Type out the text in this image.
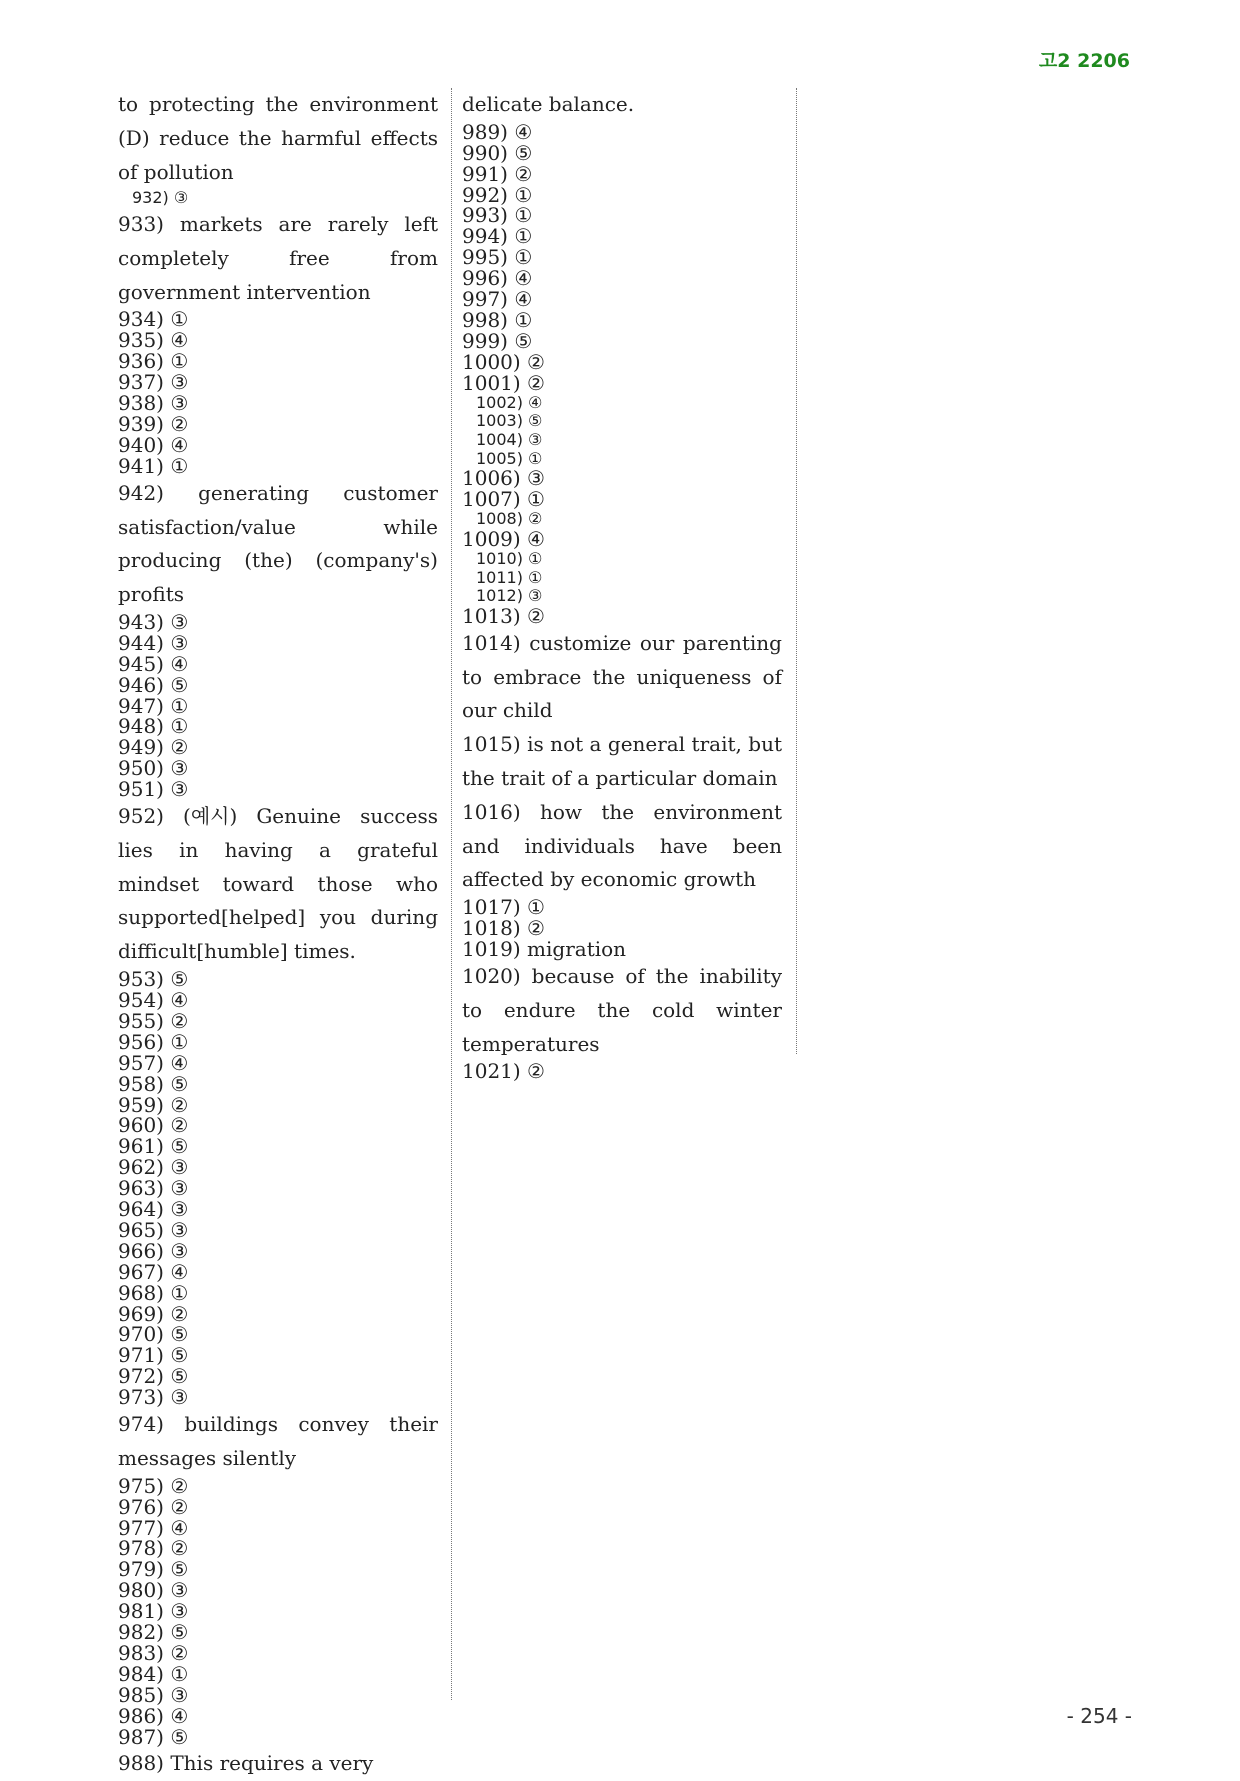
고2 2206
to protecting the environment (D) reduce the harmful effects of pollution
932) ③
933) markets are rarely left completely free from government intervention
934) ①
935) ④
936) ①
937) ③
938) ③
939) ②
940) ④
941) ①
942) generating customer satisfaction/value while producing (the) (company's) profits
943) ③
944) ③
945) ④
946) ⑤
947) ①
948) ①
949) ②
950) ③
951) ③
952) (예시) Genuine success lies in having a grateful mindset toward those who supported[helped] you during difficult[humble] times.
953) ⑤
954) ④
955) ②
956) ①
957) ④
958) ⑤
959) ②
960) ②
961) ⑤
962) ③
963) ③
964) ③
965) ③
966) ③
967) ④
968) ①
969) ②
970) ⑤
971) ⑤
972) ⑤
973) ③
974) buildings convey their messages silently
975) ②
976) ②
977) ④
978) ②
979) ⑤
980) ③
981) ③
982) ⑤
983) ②
984) ①
985) ③
986) ④
987) ⑤
988) This requires a very
delicate balance.
989) ④
990) ⑤
991) ②
992) ①
993) ①
994) ①
995) ①
996) ④
997) ④
998) ①
999) ⑤
1000) ②
1001) ②
1002) ④
1003) ⑤
1004) ③
1005) ①
1006) ③
1007) ①
1008) ②
1009) ④
1010) ①
1011) ①
1012) ③
1013) ②
1014) customize our parenting to embrace the uniqueness of our child
1015) is not a general trait, but the trait of a particular domain
1016) how the environment and individuals have been affected by economic growth
1017) ①
1018) ②
1019) migration
1020) because of the inability to endure the cold winter temperatures
1021) ②
- 254 -
